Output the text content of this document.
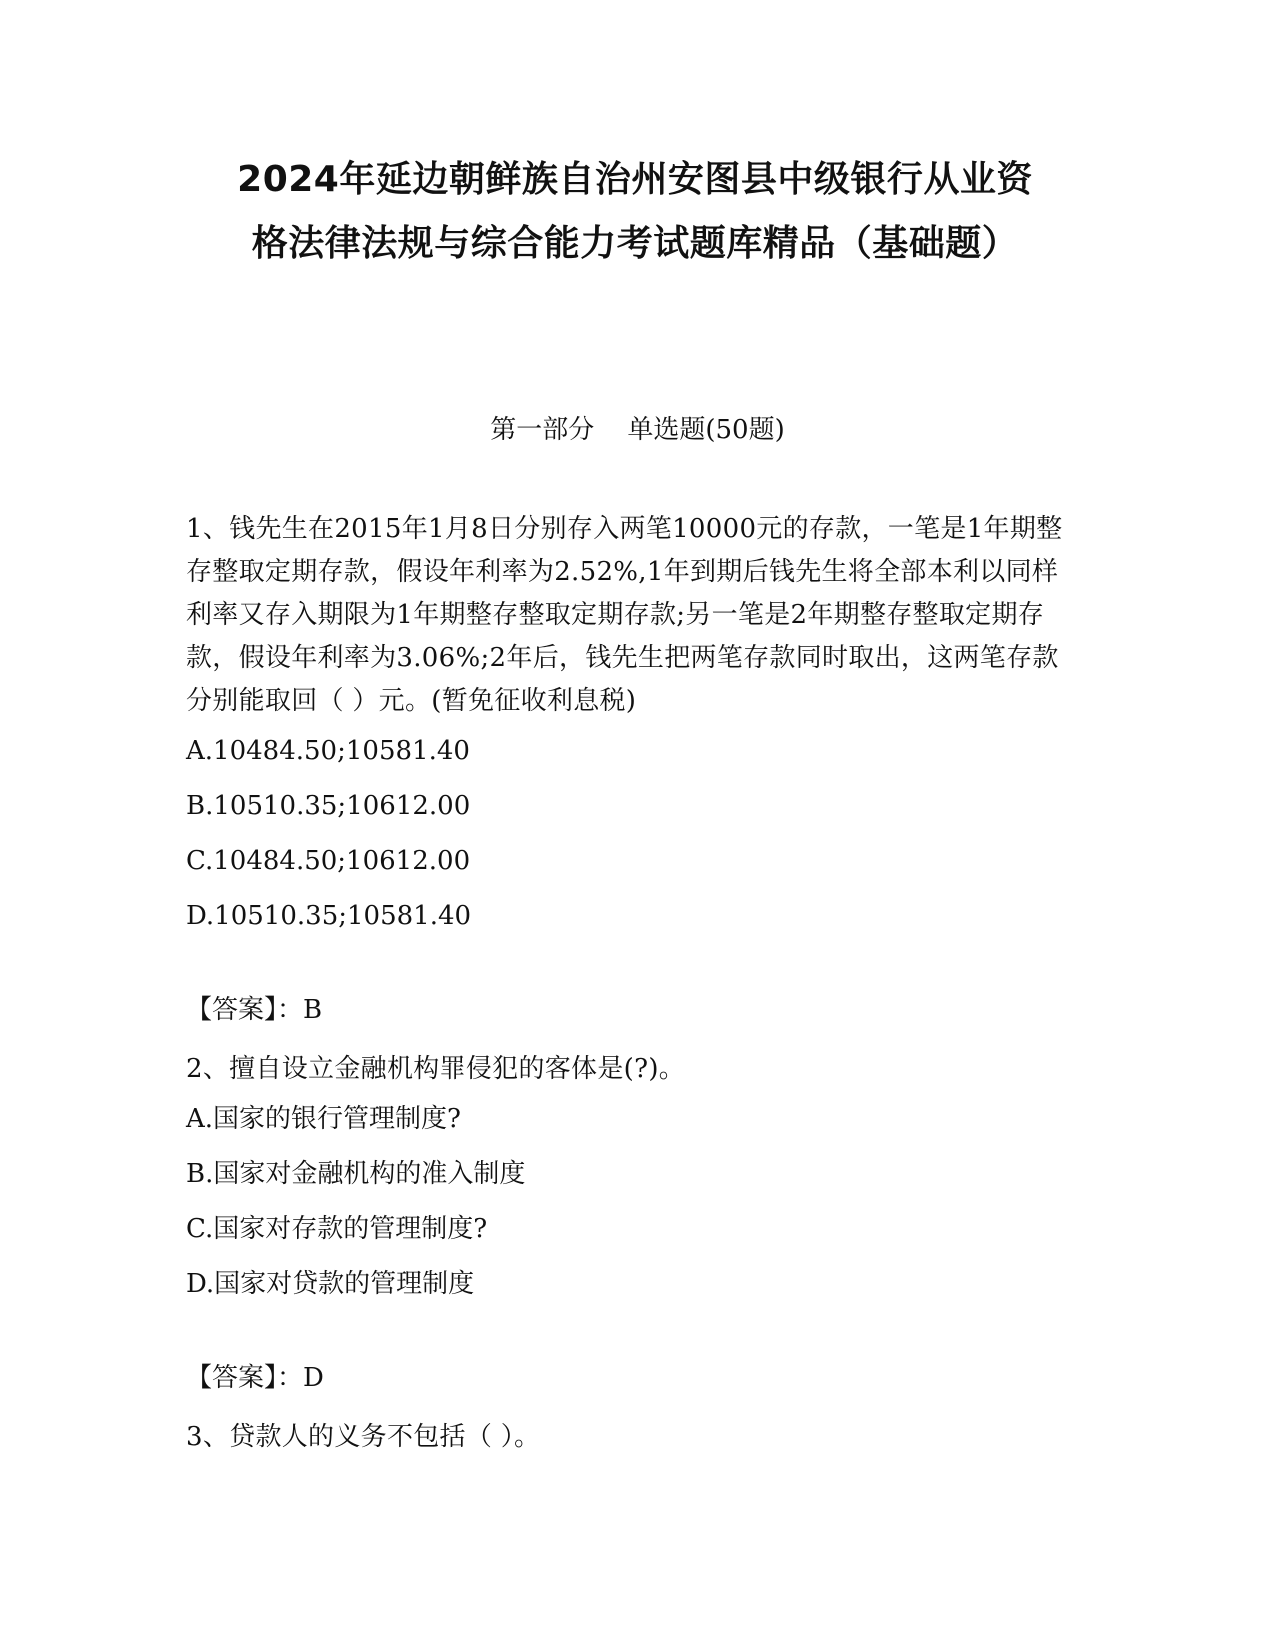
2024年延边朝鲜族自治州安图县中级银行从业资
格法律法规与综合能力考试题库精品（基础题）
第一部分    单选题(50题)

1、钱先生在2015年1月8日分别存入两笔10000元的存款，一笔是1年期整存整取定期存款，假设年利率为2.52%,1年到期后钱先生将全部本利以同样利率又存入期限为1年期整存整取定期存款;另一笔是2年期整存整取定期存款，假设年利率为3.06%;2年后，钱先生把两笔存款同时取出，这两笔存款分别能取回（ ）元。(暂免征收利息税)

A.10484.50;10581.40
B.10510.35;10612.00
C.10484.50;10612.00
D.10510.35;10581.40
【答案】：B

2、擅自设立金融机构罪侵犯的客体是(?)。

A.国家的银行管理制度?
B.国家对金融机构的准入制度
C.国家对存款的管理制度?
D.国家对贷款的管理制度
【答案】：D

3、贷款人的义务不包括（ ）。
